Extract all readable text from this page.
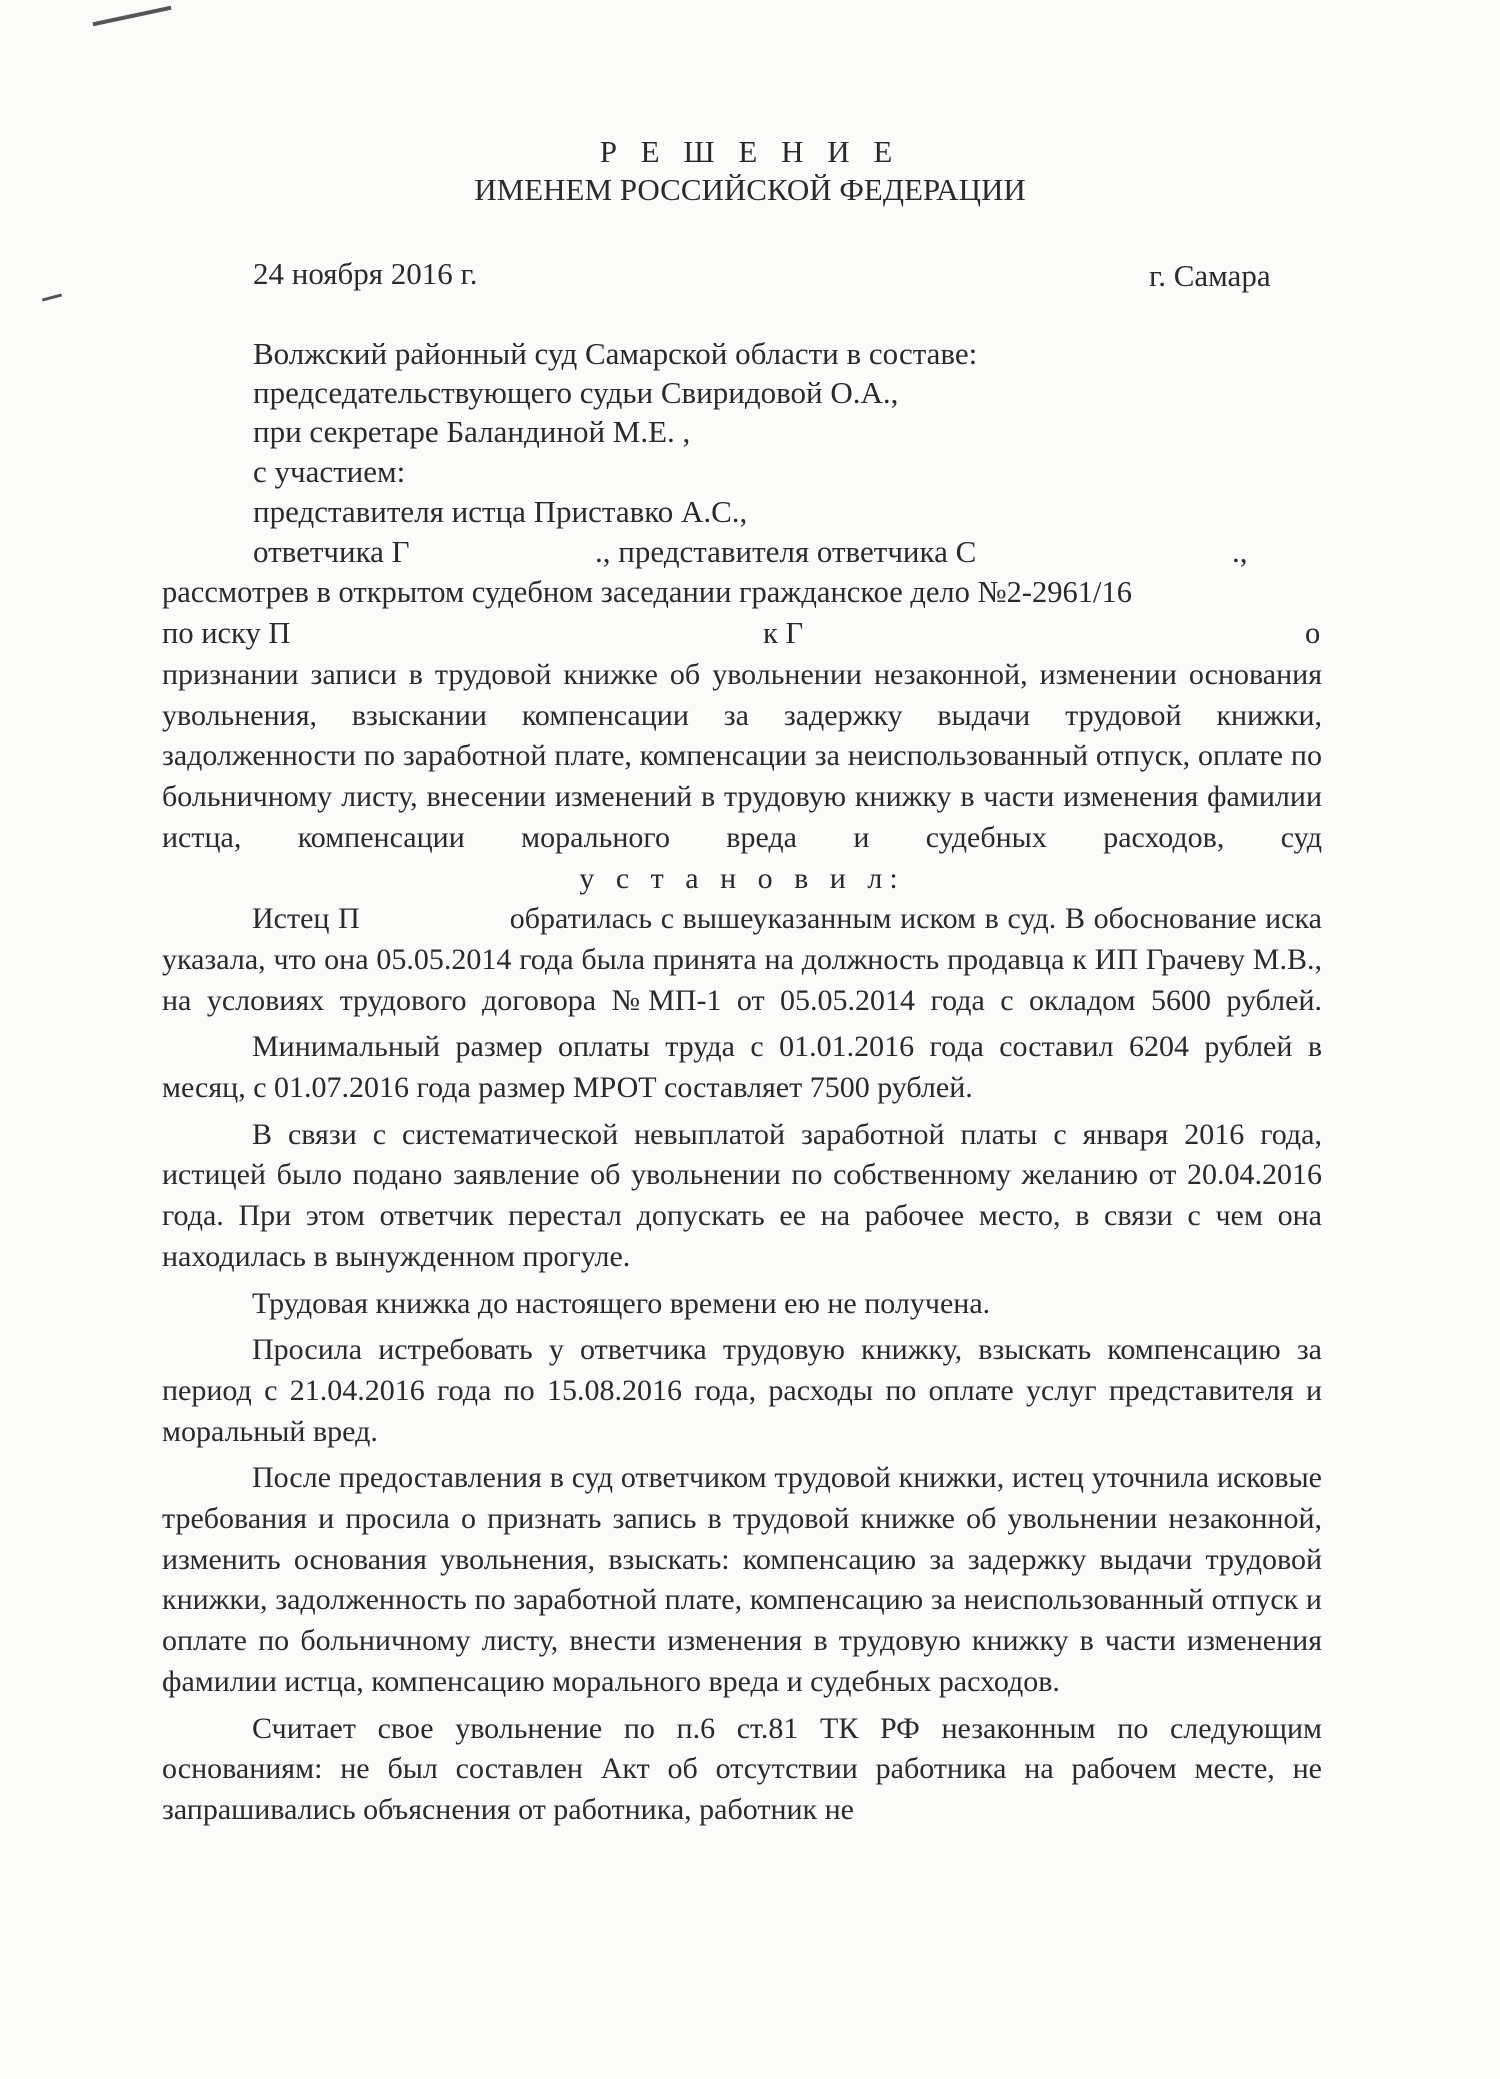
Р Е Ш Е Н И Е
ИМЕНЕМ РОССИЙСКОЙ ФЕДЕРАЦИИ
24 ноября 2016 г.	г. Самара
Волжский районный суд Самарской области в составе:
председательствующего судьи Свиридовой О.А.,
при секретаре Баландиной М.Е. ,
с участием:
представителя истца Приставко А.С.,
ответчика Г	., представителя ответчика С	.,
рассмотрев в открытом судебном заседании гражданское дело №2-2961/16
по иску П	к Г	о

признании записи в трудовой книжке об увольнении незаконной, изменении основания увольнения, взыскании компенсации за задержку выдачи трудовой книжки, задолженности по заработной плате, компенсации за неиспользованный отпуск, оплате по больничному листу, внесении изменений в трудовую книжку в части изменения фамилии истца, компенсации морального вреда и судебных расходов, суд

у с т а н о в и л:

Истец П	обратилась с вышеуказанным иском в суд. В обоснование иска указала, что она 05.05.2014 года была принята на должность продавца к ИП Грачеву М.В., на условиях трудового договора №МП-1 от 05.05.2014 года с окладом 5600 рублей.

Минимальный размер оплаты труда с 01.01.2016 года составил 6204 рублей в месяц, с 01.07.2016 года размер МРОТ составляет 7500 рублей.

В связи с систематической невыплатой заработной платы с января 2016 года, истицей было подано заявление об увольнении по собственному желанию от 20.04.2016 года. При этом ответчик перестал допускать ее на рабочее место, в связи с чем она находилась в вынужденном прогуле.

Трудовая книжка до настоящего времени ею не получена.

Просила истребовать у ответчика трудовую книжку, взыскать компенсацию за период с 21.04.2016 года по 15.08.2016 года, расходы по оплате услуг представителя и моральный вред.

После предоставления в суд ответчиком трудовой книжки, истец уточнила исковые требования и просила о признать запись в трудовой книжке об увольнении незаконной, изменить основания увольнения, взыскать: компенсацию за задержку выдачи трудовой книжки, задолженность по заработной плате, компенсацию за неиспользованный отпуск и оплате по больничному листу, внести изменения в трудовую книжку в части изменения фамилии истца, компенсацию морального вреда и судебных расходов.

Считает свое увольнение по п.6 ст.81 ТК РФ незаконным по следующим основаниям: не был составлен Акт об отсутствии работника на рабочем месте, не запрашивались объяснения от работника, работник не
